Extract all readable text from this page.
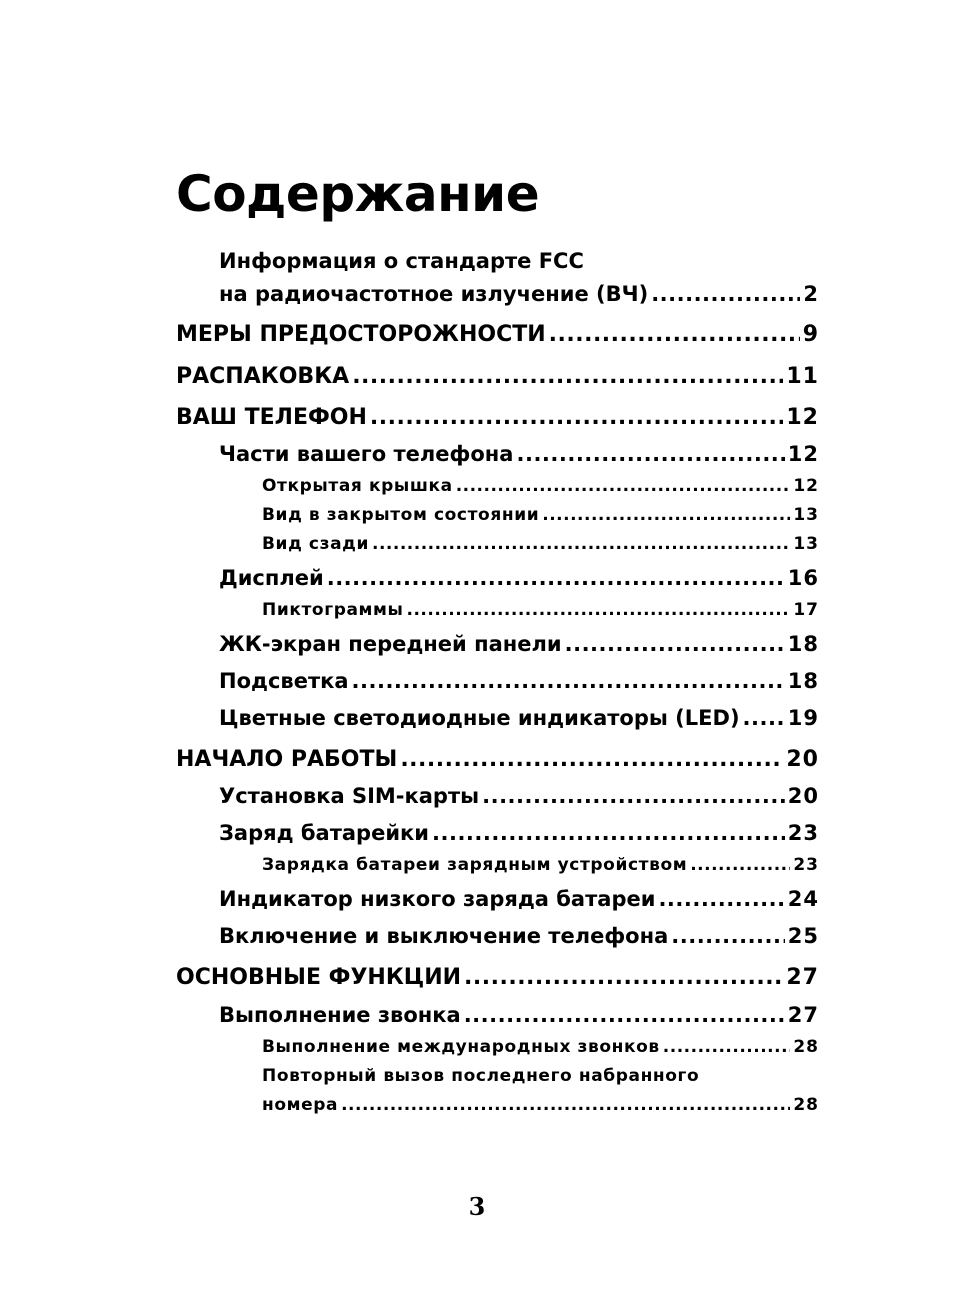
Содержание
Информация о стандарте FCC
на радиочастотное излучение (ВЧ) .....	2
МЕРЫ ПРЕДОСТОРОЖНОСТИ .....	9
РАСПАКОВКА .....	11
ВАШ ТЕЛЕФОН .....	12
Части вашего телефона .....	12
Открытая крышка .....	12
Вид в закрытом состоянии .....	13
Вид сзади .....	13
Дисплей .....	16
Пиктограммы .....	17
ЖК-экран передней панели .....	18
Подсветка .....	18
Цветные светодиодные индикаторы (LED) ..... 19
НАЧАЛО РАБОТЫ .....	20
Установка SIM-карты .....	20
Заряд батарейки .....	23
Зарядка батареи зарядным устройством .....	23
Индикатор низкого заряда батареи .....	24
Включение и выключение телефона .....	25
ОСНОВНЫЕ ФУНКЦИИ .....	27
Выполнение звонка .....	27
Выполнение международных звонков .....	28
Повторный вызов последнего набранного
номера .....	28
3
